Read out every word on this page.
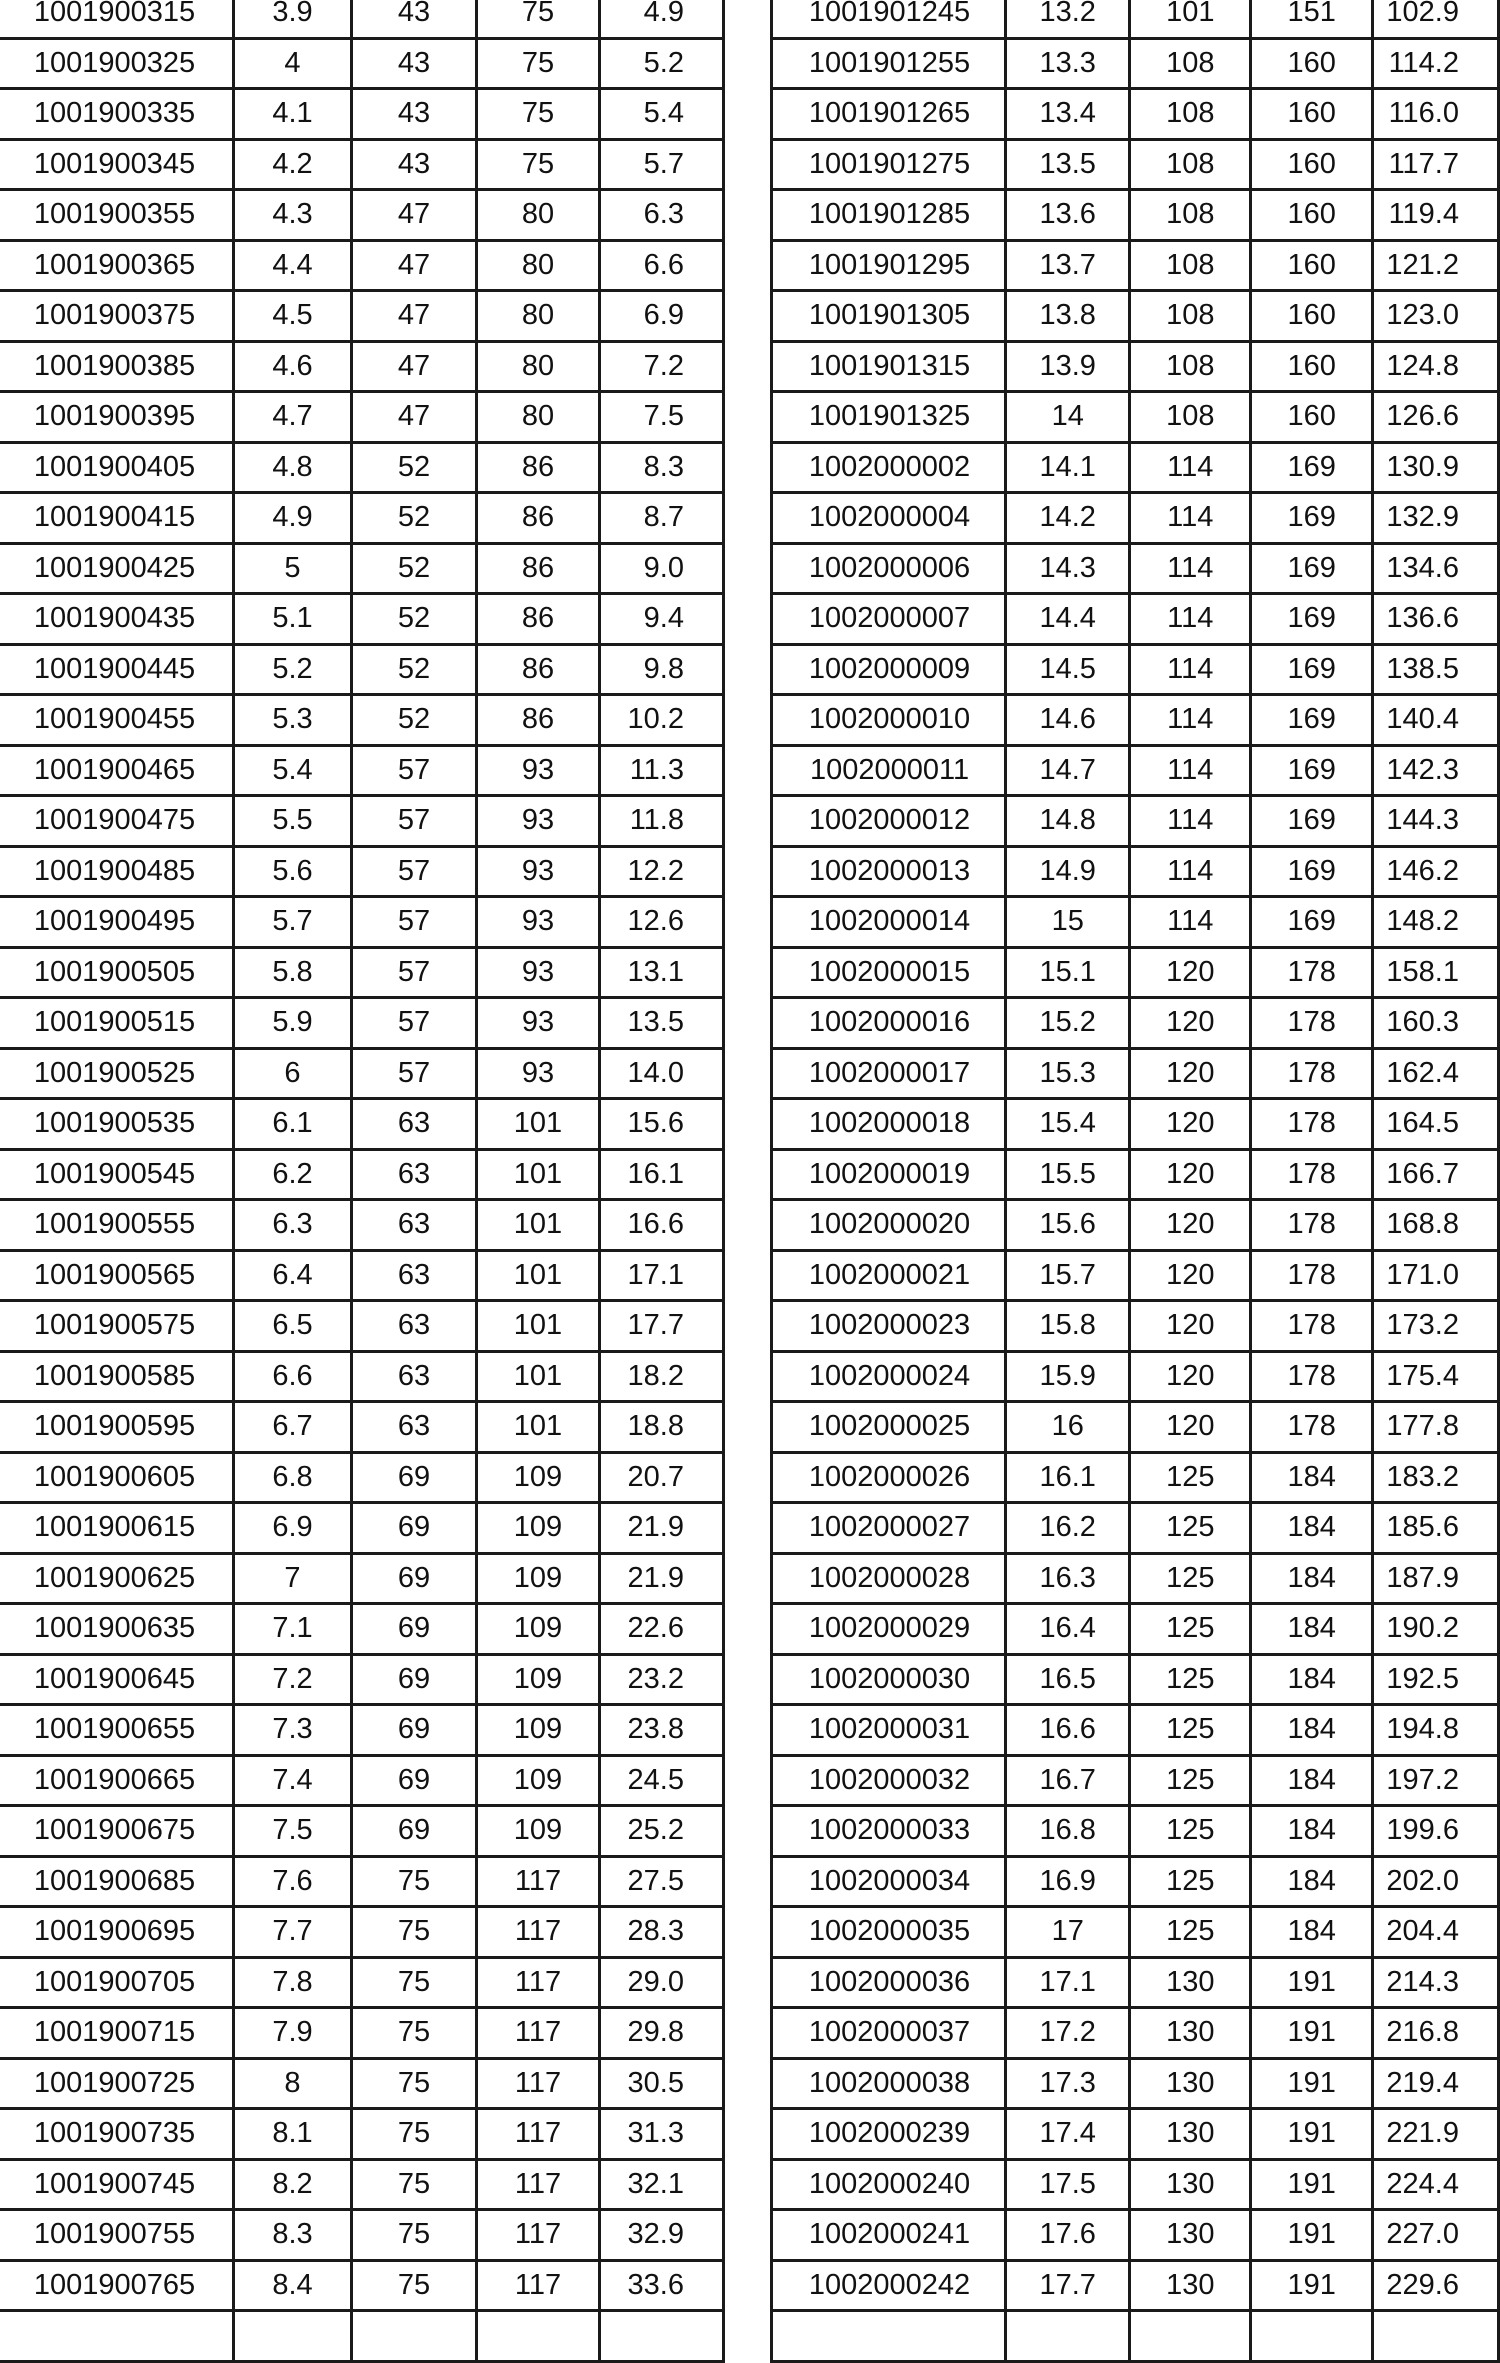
1001900315	3.9	43	75	4.9
1001900325	4	43	75	5.2
1001900335	4.1	43	75	5.4
1001900345	4.2	43	75	5.7
1001900355	4.3	47	80	6.3
1001900365	4.4	47	80	6.6
1001900375	4.5	47	80	6.9
1001900385	4.6	47	80	7.2
1001900395	4.7	47	80	7.5
1001900405	4.8	52	86	8.3
1001900415	4.9	52	86	8.7
1001900425	5	52	86	9.0
1001900435	5.1	52	86	9.4
1001900445	5.2	52	86	9.8
1001900455	5.3	52	86	10.2
1001900465	5.4	57	93	11.3
1001900475	5.5	57	93	11.8
1001900485	5.6	57	93	12.2
1001900495	5.7	57	93	12.6
1001900505	5.8	57	93	13.1
1001900515	5.9	57	93	13.5
1001900525	6	57	93	14.0
1001900535	6.1	63	101	15.6
1001900545	6.2	63	101	16.1
1001900555	6.3	63	101	16.6
1001900565	6.4	63	101	17.1
1001900575	6.5	63	101	17.7
1001900585	6.6	63	101	18.2
1001900595	6.7	63	101	18.8
1001900605	6.8	69	109	20.7
1001900615	6.9	69	109	21.9
1001900625	7	69	109	21.9
1001900635	7.1	69	109	22.6
1001900645	7.2	69	109	23.2
1001900655	7.3	69	109	23.8
1001900665	7.4	69	109	24.5
1001900675	7.5	69	109	25.2
1001900685	7.6	75	117	27.5
1001900695	7.7	75	117	28.3
1001900705	7.8	75	117	29.0
1001900715	7.9	75	117	29.8
1001900725	8	75	117	30.5
1001900735	8.1	75	117	31.3
1001900745	8.2	75	117	32.1
1001900755	8.3	75	117	32.9
1001900765	8.4	75	117	33.6

1001901245	13.2	101	151	102.9
1001901255	13.3	108	160	114.2
1001901265	13.4	108	160	116.0
1001901275	13.5	108	160	117.7
1001901285	13.6	108	160	119.4
1001901295	13.7	108	160	121.2
1001901305	13.8	108	160	123.0
1001901315	13.9	108	160	124.8
1001901325	14	108	160	126.6
1002000002	14.1	114	169	130.9
1002000004	14.2	114	169	132.9
1002000006	14.3	114	169	134.6
1002000007	14.4	114	169	136.6
1002000009	14.5	114	169	138.5
1002000010	14.6	114	169	140.4
1002000011	14.7	114	169	142.3
1002000012	14.8	114	169	144.3
1002000013	14.9	114	169	146.2
1002000014	15	114	169	148.2
1002000015	15.1	120	178	158.1
1002000016	15.2	120	178	160.3
1002000017	15.3	120	178	162.4
1002000018	15.4	120	178	164.5
1002000019	15.5	120	178	166.7
1002000020	15.6	120	178	168.8
1002000021	15.7	120	178	171.0
1002000023	15.8	120	178	173.2
1002000024	15.9	120	178	175.4
1002000025	16	120	178	177.8
1002000026	16.1	125	184	183.2
1002000027	16.2	125	184	185.6
1002000028	16.3	125	184	187.9
1002000029	16.4	125	184	190.2
1002000030	16.5	125	184	192.5
1002000031	16.6	125	184	194.8
1002000032	16.7	125	184	197.2
1002000033	16.8	125	184	199.6
1002000034	16.9	125	184	202.0
1002000035	17	125	184	204.4
1002000036	17.1	130	191	214.3
1002000037	17.2	130	191	216.8
1002000038	17.3	130	191	219.4
1002000239	17.4	130	191	221.9
1002000240	17.5	130	191	224.4
1002000241	17.6	130	191	227.0
1002000242	17.7	130	191	229.6
